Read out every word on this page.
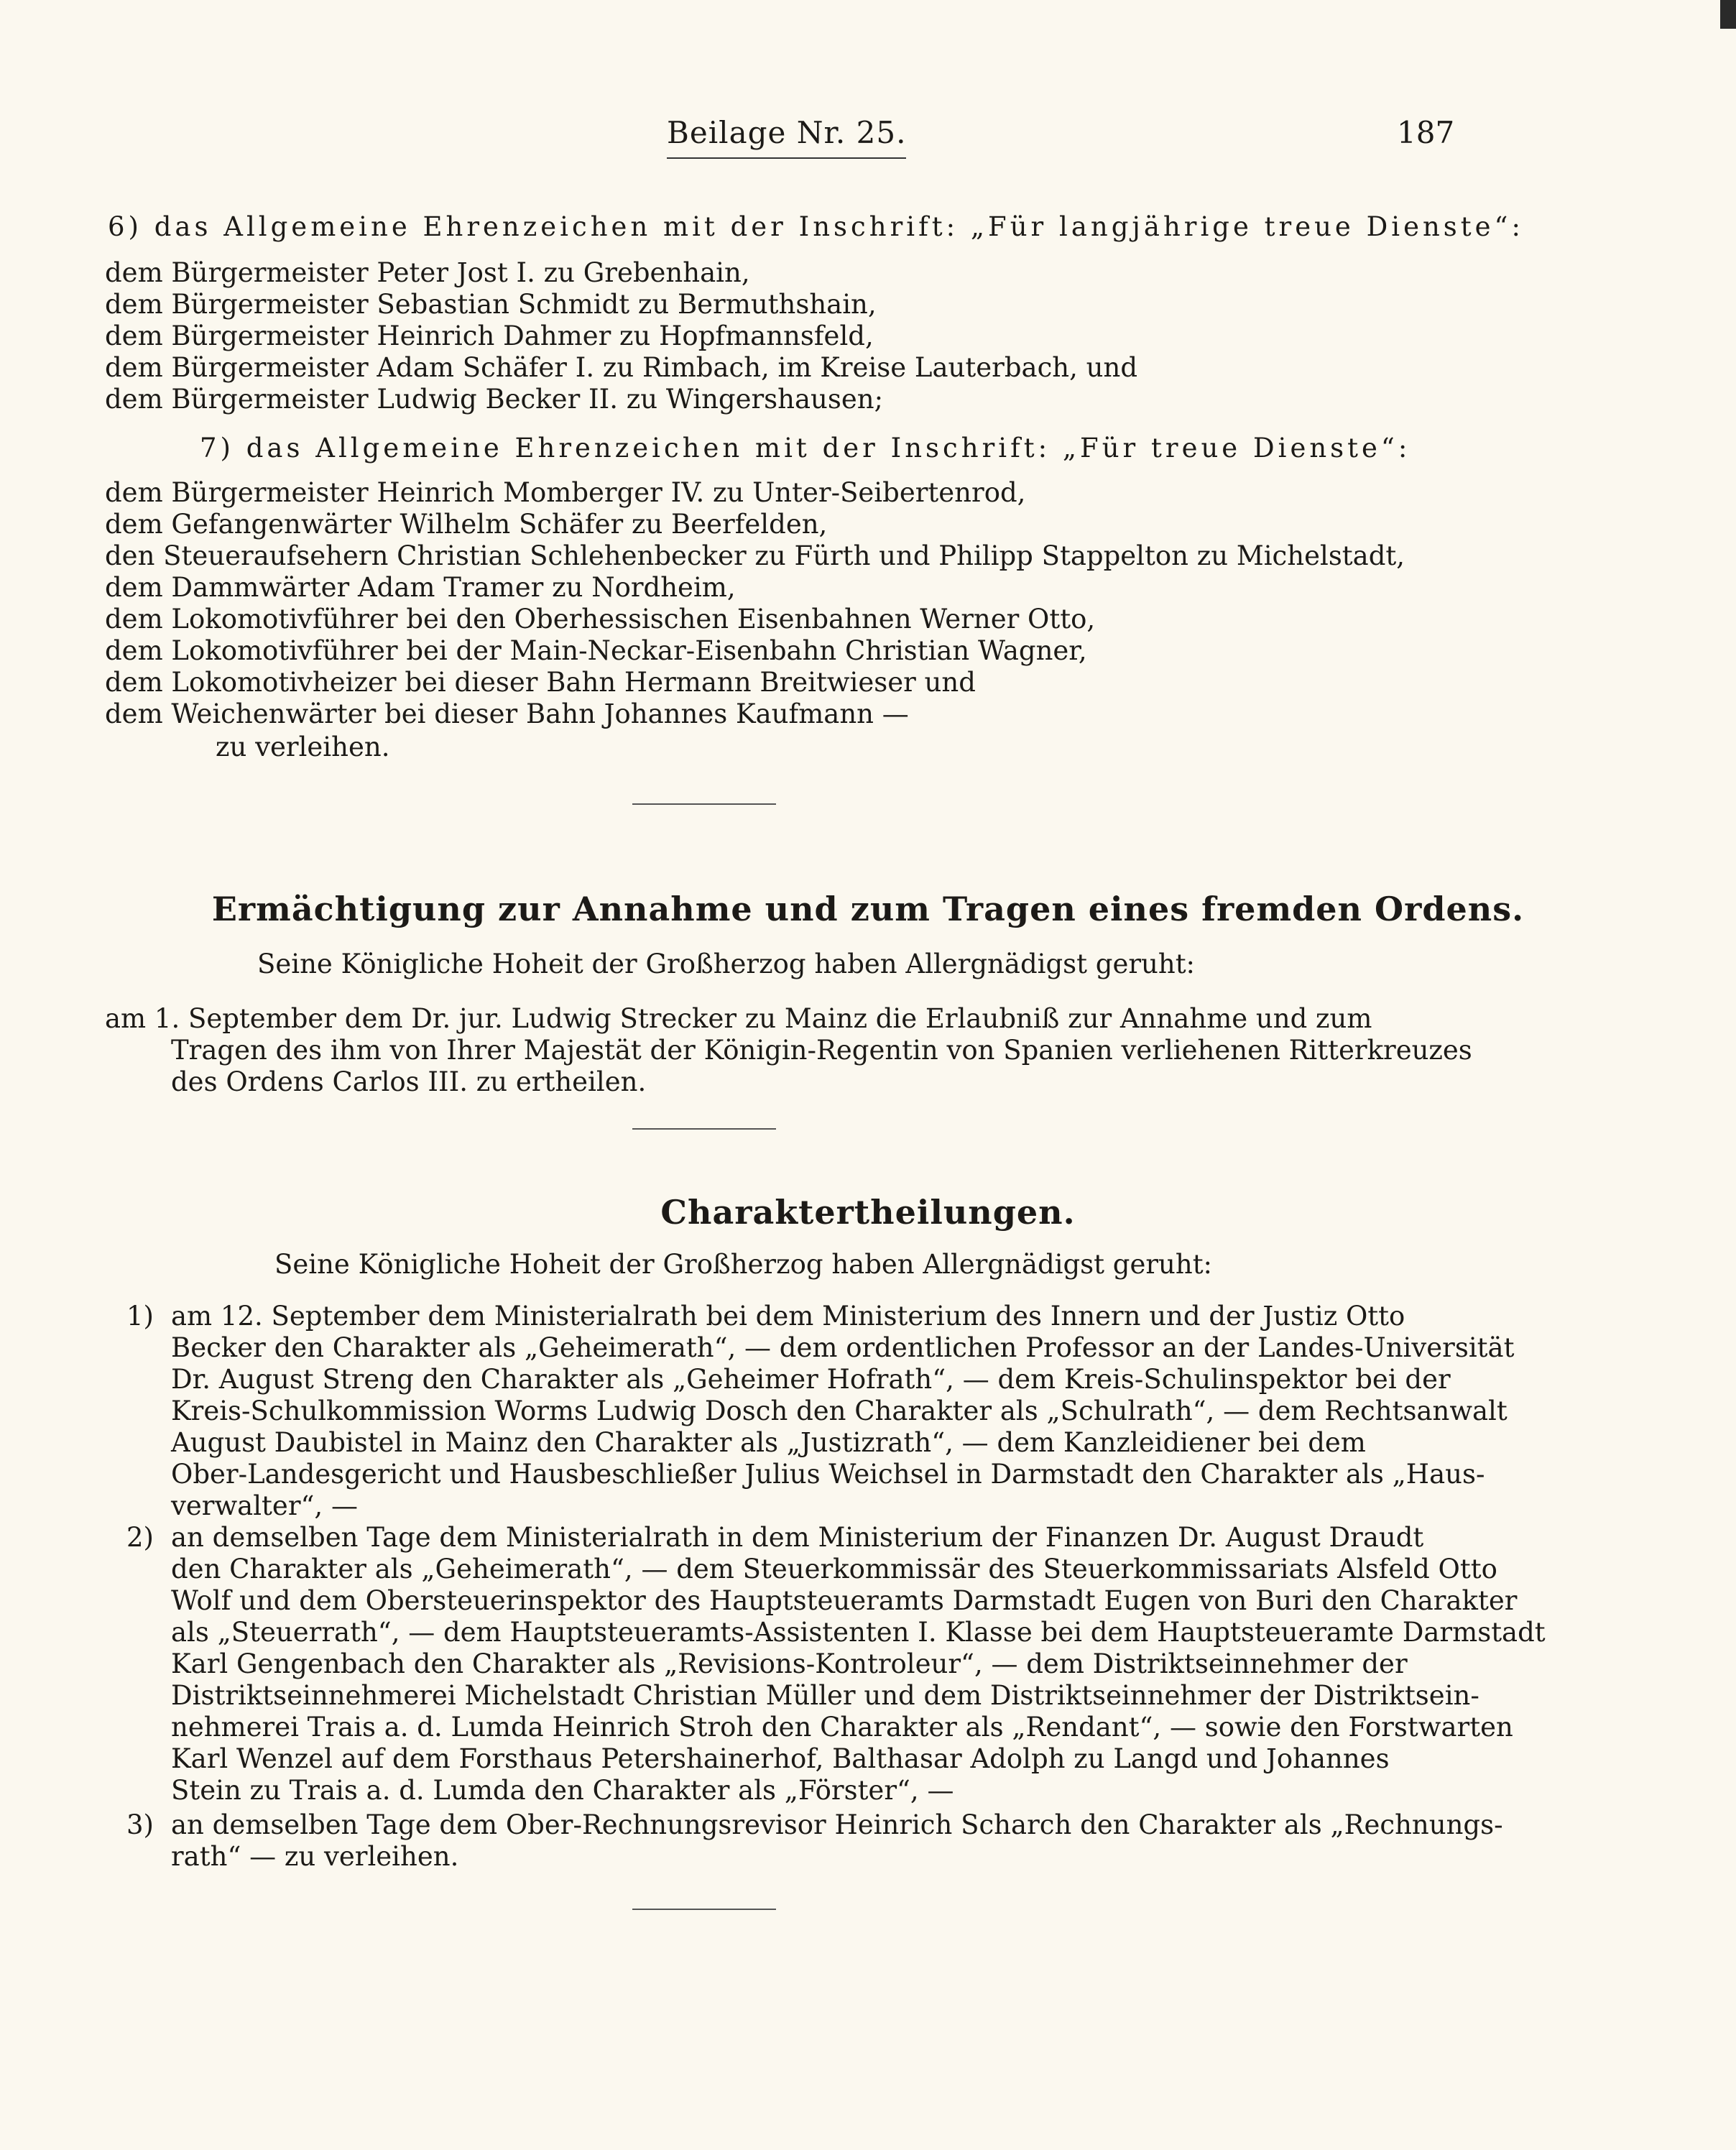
Beilage Nr. 25.	187
6) das Allgemeine Ehrenzeichen mit der Inschrift: „Für langjährige treue Dienste“:
dem Bürgermeister Peter Jost I. zu Grebenhain,
dem Bürgermeister Sebastian Schmidt zu Bermuthshain,
dem Bürgermeister Heinrich Dahmer zu Hopfmannsfeld,
dem Bürgermeister Adam Schäfer I. zu Rimbach, im Kreise Lauterbach, und
dem Bürgermeister Ludwig Becker II. zu Wingershausen;
7) das Allgemeine Ehrenzeichen mit der Inschrift: „Für treue Dienste“:
dem Bürgermeister Heinrich Momberger IV. zu Unter-Seibertenrod,
dem Gefangenwärter Wilhelm Schäfer zu Beerfelden,
den Steueraufsehern Christian Schlehenbecker zu Fürth und Philipp Stappelton zu Michelstadt,
dem Dammwärter Adam Tramer zu Nordheim,
dem Lokomotivführer bei den Oberhessischen Eisenbahnen Werner Otto,
dem Lokomotivführer bei der Main-Neckar-Eisenbahn Christian Wagner,
dem Lokomotivheizer bei dieser Bahn Hermann Breitwieser und
dem Weichenwärter bei dieser Bahn Johannes Kaufmann —
zu verleihen.
Ermächtigung zur Annahme und zum Tragen eines fremden Ordens.
Seine Königliche Hoheit der Großherzog haben Allergnädigst geruht:
am 1. September dem Dr. jur. Ludwig Strecker zu Mainz die Erlaubniß zur Annahme und zum
Tragen des ihm von Ihrer Majestät der Königin-Regentin von Spanien verliehenen Ritterkreuzes
des Ordens Carlos III. zu ertheilen.
Charaktertheilungen.
Seine Königliche Hoheit der Großherzog haben Allergnädigst geruht:
1) am 12. September dem Ministerialrath bei dem Ministerium des Innern und der Justiz Otto
Becker den Charakter als „Geheimerath“, — dem ordentlichen Professor an der Landes-Universität
Dr. August Streng den Charakter als „Geheimer Hofrath“, — dem Kreis-Schulinspektor bei der
Kreis-Schulkommission Worms Ludwig Dosch den Charakter als „Schulrath“, — dem Rechtsanwalt
August Daubistel in Mainz den Charakter als „Justizrath“, — dem Kanzleidiener bei dem
Ober-Landesgericht und Hausbeschließer Julius Weichsel in Darmstadt den Charakter als „Haus-
verwalter“, —
2) an demselben Tage dem Ministerialrath in dem Ministerium der Finanzen Dr. August Draudt
den Charakter als „Geheimerath“, — dem Steuerkommissär des Steuerkommissariats Alsfeld Otto
Wolf und dem Obersteuerinspektor des Hauptsteueramts Darmstadt Eugen von Buri den Charakter
als „Steuerrath“, — dem Hauptsteueramts-Assistenten I. Klasse bei dem Hauptsteueramte Darmstadt
Karl Gengenbach den Charakter als „Revisions-Kontroleur“, — dem Distriktseinnehmer der
Distriktseinnehmerei Michelstadt Christian Müller und dem Distriktseinnehmer der Distriktsein-
nehmerei Trais a. d. Lumda Heinrich Stroh den Charakter als „Rendant“, — sowie den Forstwarten
Karl Wenzel auf dem Forsthaus Petershainerhof, Balthasar Adolph zu Langd und Johannes
Stein zu Trais a. d. Lumda den Charakter als „Förster“, —
3) an demselben Tage dem Ober-Rechnungsrevisor Heinrich Scharch den Charakter als „Rechnungs-
rath“ — zu verleihen.
